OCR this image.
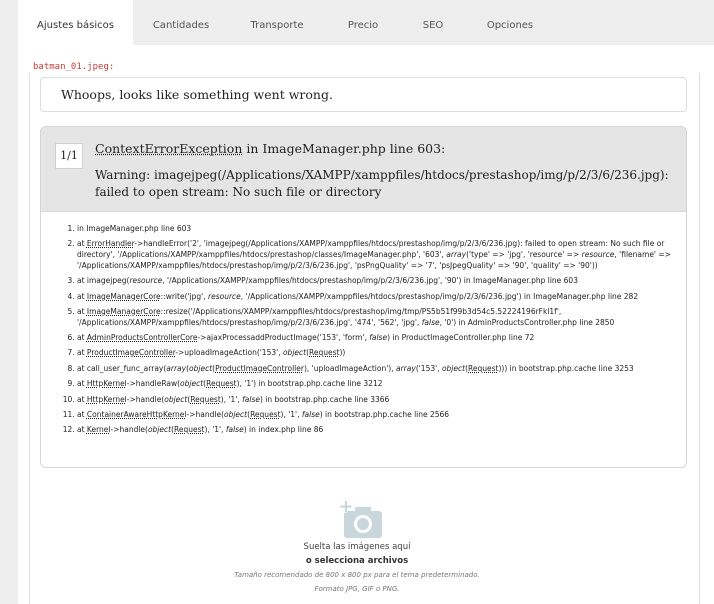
Ajustes básicos	Cantidades	Transporte	Precio	SEO	Opciones
batman_01.jpeg:
Whoops, looks like something went wrong.
1/1	ContextErrorException in ImageManager.php line 603:
Warning: imagejpeg(/Applications/XAMPP/xamppfiles/htdocs/prestashop/img/p/2/3/6/236.jpg): failed to open stream: No such file or directory
1. in ImageManager.php line 603
2. at ErrorHandler->handleError('2', 'imagejpeg(/Applications/XAMPP/xamppfiles/htdocs/prestashop/img/p/2/3/6/236.jpg): failed to open stream: No such file or directory', '/Applications/XAMPP/xamppfiles/htdocs/prestashop/classes/ImageManager.php', '603', array('type' => 'jpg', 'resource' => resource, 'filename' => '/Applications/XAMPP/xamppfiles/htdocs/prestashop/img/p/2/3/6/236.jpg', 'psPngQuality' => '7', 'psJpegQuality' => '90', 'quality' => '90'))
3. at imagejpeg(resource, '/Applications/XAMPP/xamppfiles/htdocs/prestashop/img/p/2/3/6/236.jpg', '90') in ImageManager.php line 603
4. at ImageManagerCore::write('jpg', resource, '/Applications/XAMPP/xamppfiles/htdocs/prestashop/img/p/2/3/6/236.jpg') in ImageManager.php line 282
5. at ImageManagerCore::resize('/Applications/XAMPP/xamppfiles/htdocs/prestashop/img/tmp/PS5b51f99b3d54c5.52224196rFkl1f', '/Applications/XAMPP/xamppfiles/htdocs/prestashop/img/p/2/3/6/236.jpg', '474', '562', 'jpg', false, '0') in AdminProductsController.php line 2850
6. at AdminProductsControllerCore->ajaxProcessaddProductImage('153', 'form', false) in ProductImageController.php line 72
7. at ProductImageController->uploadImageAction('153', object(Request))
8. at call_user_func_array(array(object(ProductImageController), 'uploadImageAction'), array('153', object(Request))) in bootstrap.php.cache line 3253
9. at HttpKernel->handleRaw(object(Request), '1') in bootstrap.php.cache line 3212
10. at HttpKernel->handle(object(Request), '1', false) in bootstrap.php.cache line 3366
11. at ContainerAwareHttpKernel->handle(object(Request), '1', false) in bootstrap.php.cache line 2566
12. at Kernel->handle(object(Request), '1', false) in index.php line 86
Suelta las imágenes aquí
o selecciona archivos
Tamaño recomendado de 800 x 800 px para el tema predeterminado.
Formato JPG, GIF o PNG.
